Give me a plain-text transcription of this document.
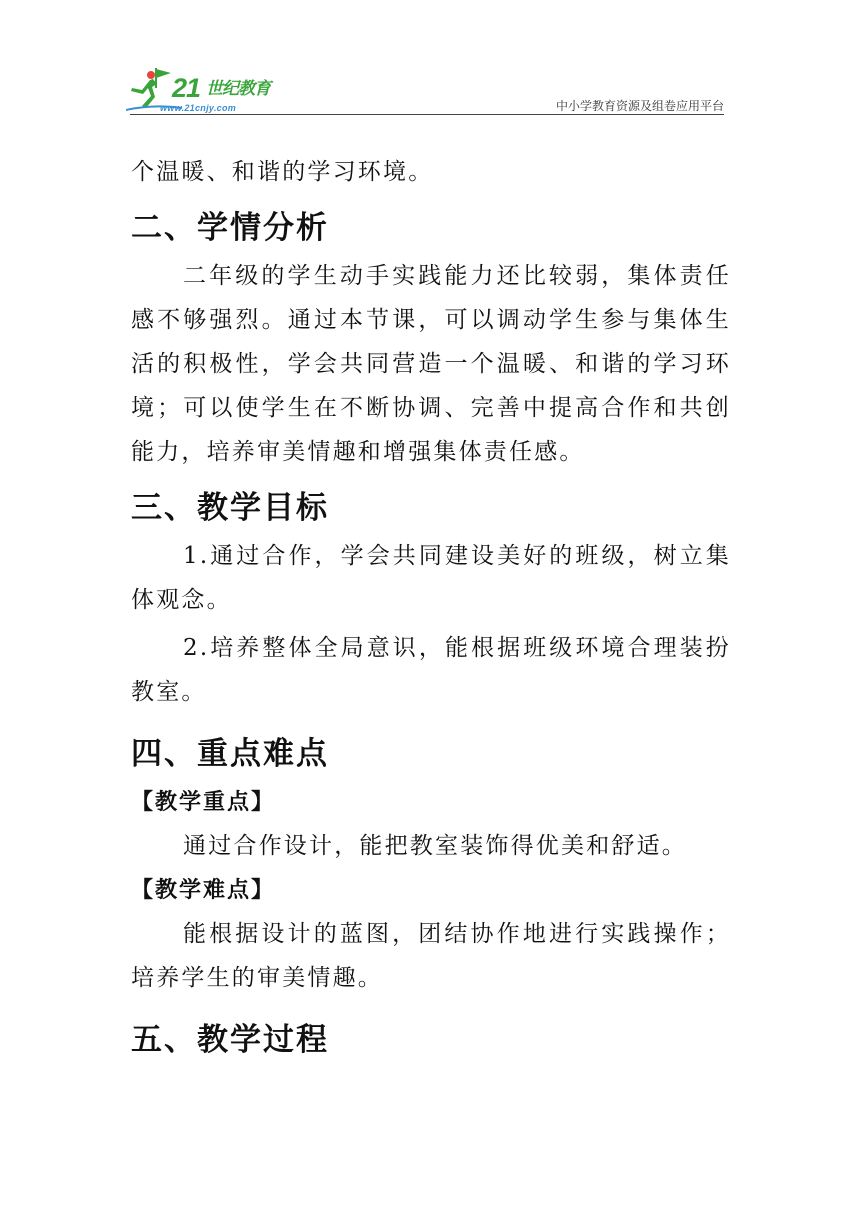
21 世纪教育
www.21cnjy.com	中小学教育资源及组卷应用平台

个温暖、和谐的学习环境。

二、学情分析

二年级的学生动手实践能力还比较弱，集体责任感不够强烈。通过本节课，可以调动学生参与集体生活的积极性，学会共同营造一个温暖、和谐的学习环境；可以使学生在不断协调、完善中提高合作和共创能力，培养审美情趣和增强集体责任感。

三、教学目标

1.通过合作，学会共同建设美好的班级，树立集体观念。

2.培养整体全局意识，能根据班级环境合理装扮教室。

四、重点难点

【教学重点】

通过合作设计，能把教室装饰得优美和舒适。

【教学难点】

能根据设计的蓝图，团结协作地进行实践操作；培养学生的审美情趣。

五、教学过程
